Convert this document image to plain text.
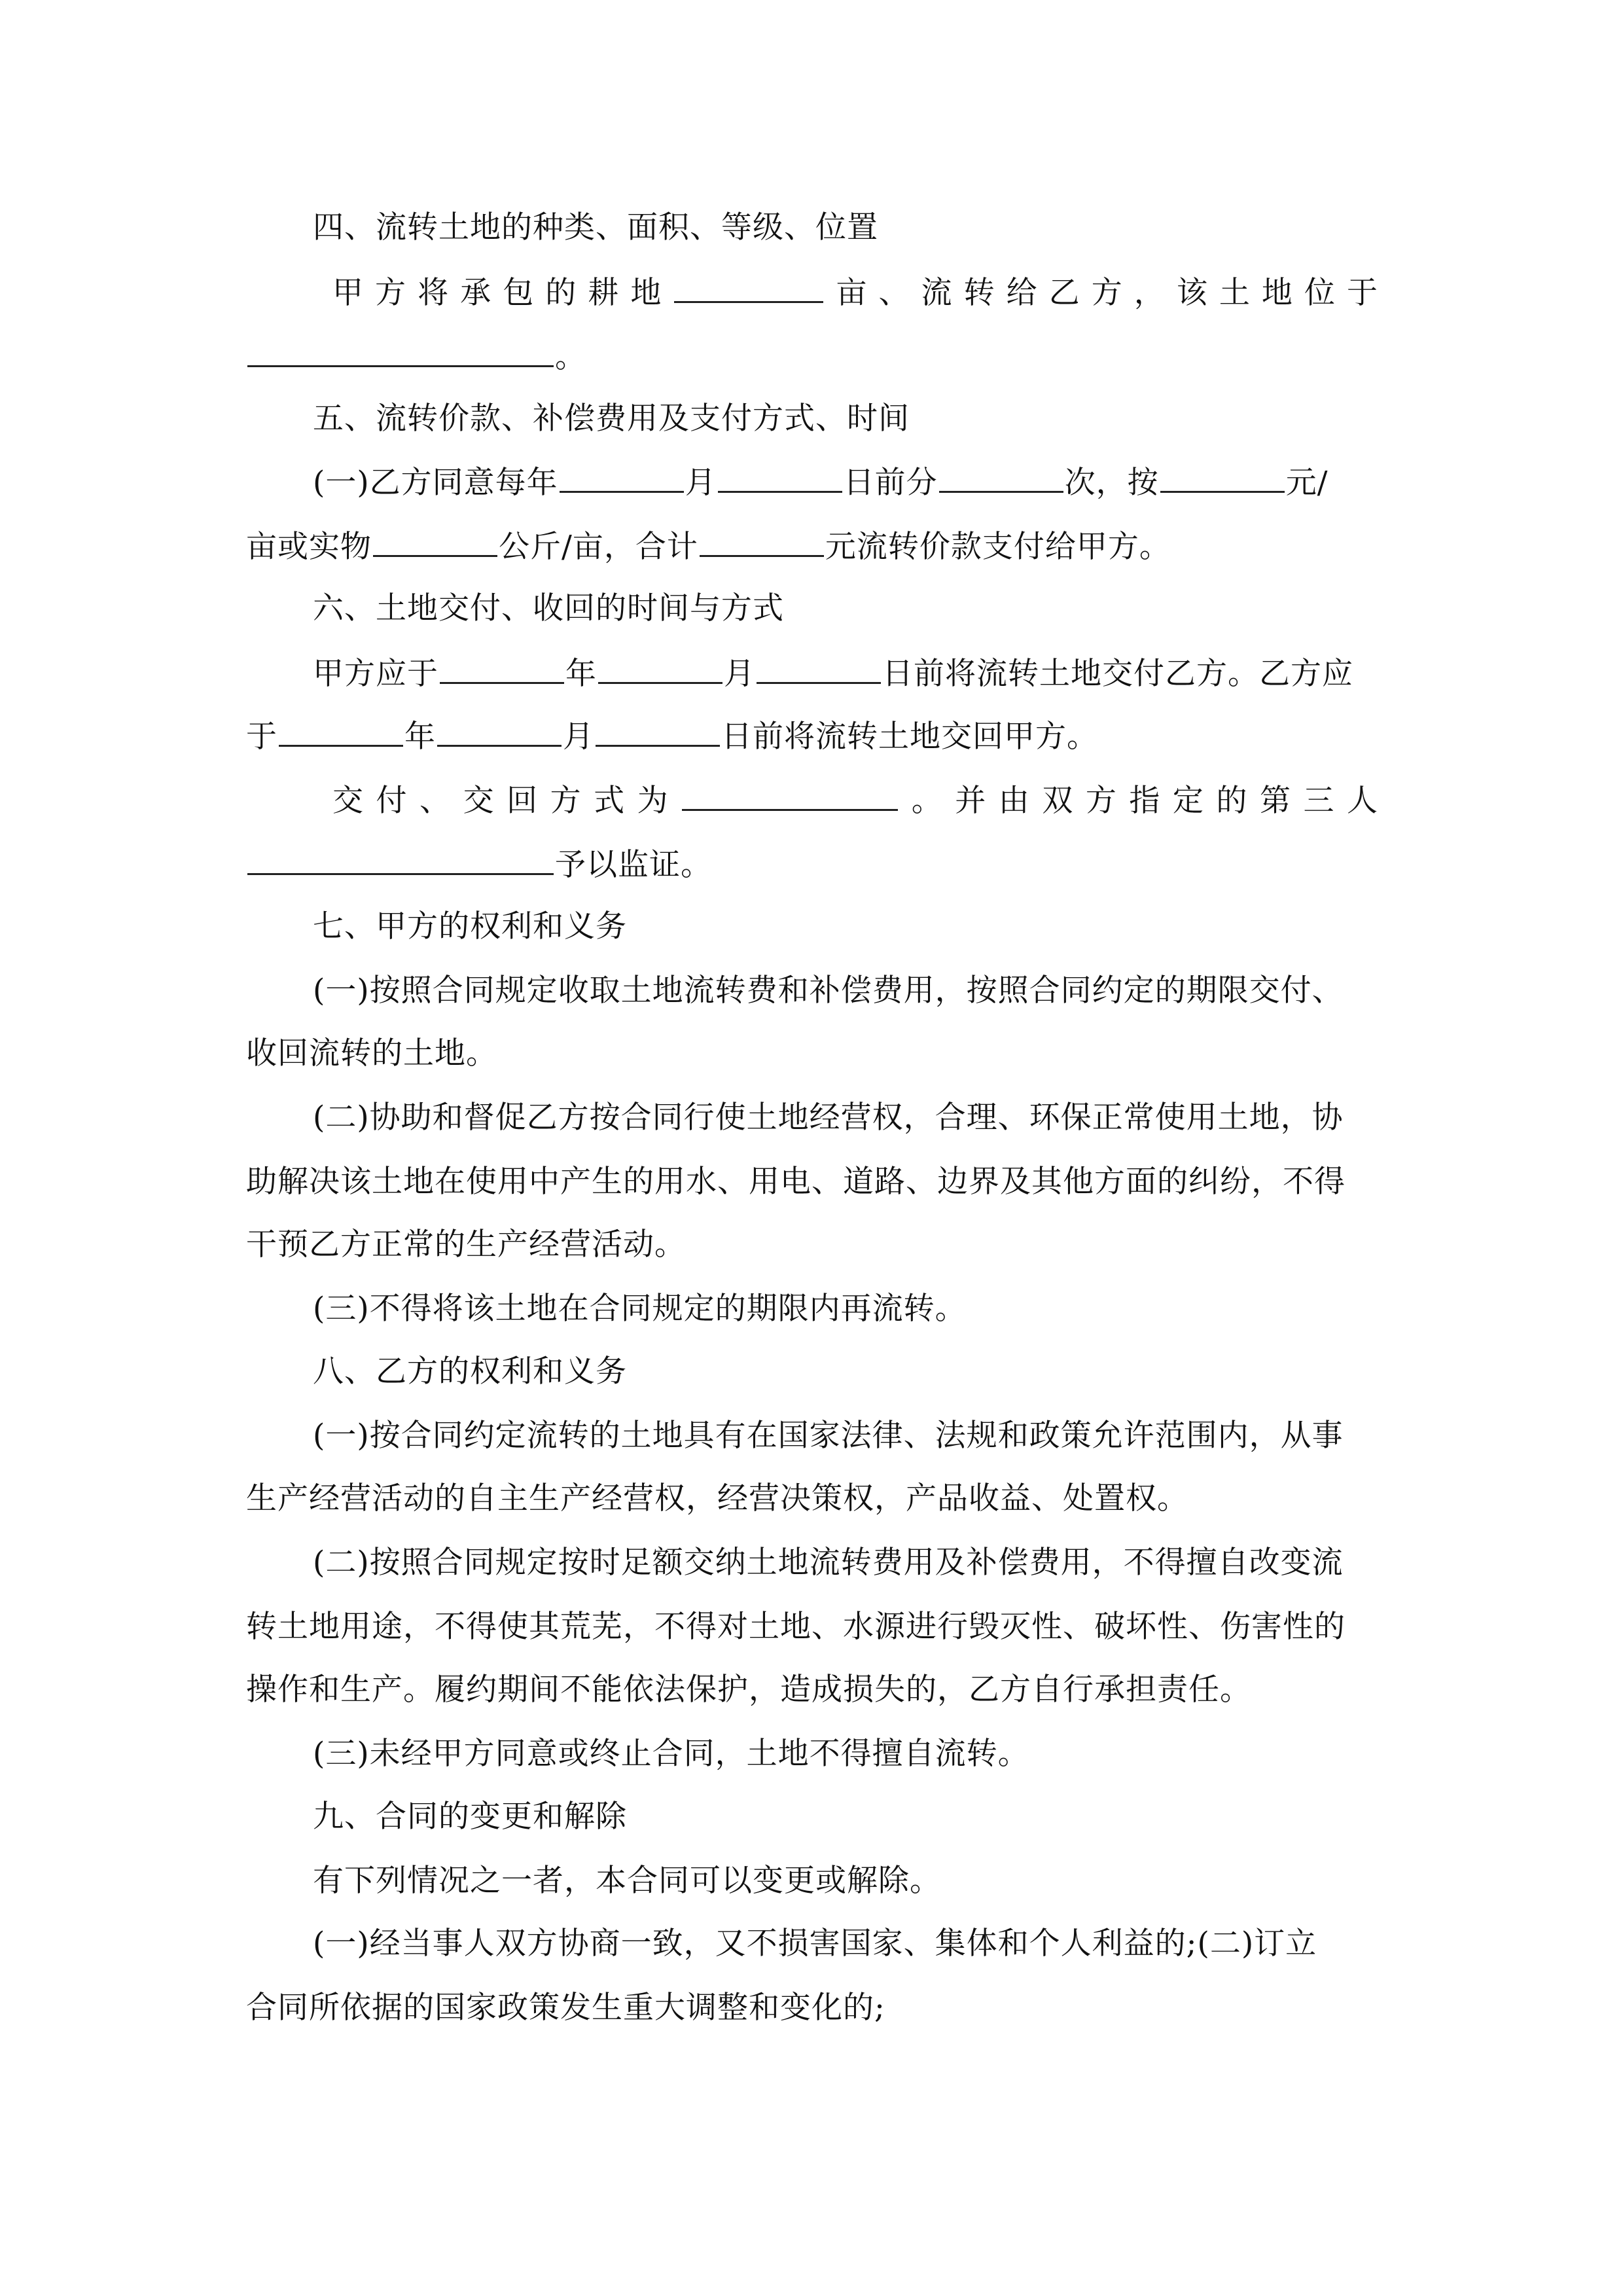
四、流转土地的种类、面积、等级、位置
甲方将承包的耕地	亩、流转给乙方，该土地位于
。
五、流转价款、补偿费用及支付方式、时间
(一)乙方同意每年	月	日前分	次，按	元/
亩或实物	公斤/亩，合计	元流转价款支付给甲方。
六、土地交付、收回的时间与方式
甲方应于	年	月	日前将流转土地交付乙方。乙方应
于	年	月	日前将流转土地交回甲方。
交付、交回方式为	。并由双方指定的第三人
予以监证。
七、甲方的权利和义务
(一)按照合同规定收取土地流转费和补偿费用，按照合同约定的期限交付、
收回流转的土地。
(二)协助和督促乙方按合同行使土地经营权，合理、环保正常使用土地，协
助解决该土地在使用中产生的用水、用电、道路、边界及其他方面的纠纷，不得
干预乙方正常的生产经营活动。
(三)不得将该土地在合同规定的期限内再流转。
八、乙方的权利和义务
(一)按合同约定流转的土地具有在国家法律、法规和政策允许范围内，从事
生产经营活动的自主生产经营权，经营决策权，产品收益、处置权。
(二)按照合同规定按时足额交纳土地流转费用及补偿费用，不得擅自改变流
转土地用途，不得使其荒芜，不得对土地、水源进行毁灭性、破坏性、伤害性的
操作和生产。履约期间不能依法保护，造成损失的，乙方自行承担责任。
(三)未经甲方同意或终止合同，土地不得擅自流转。
九、合同的变更和解除
有下列情况之一者，本合同可以变更或解除。
(一)经当事人双方协商一致，又不损害国家、集体和个人利益的;(二)订立
合同所依据的国家政策发生重大调整和变化的;
